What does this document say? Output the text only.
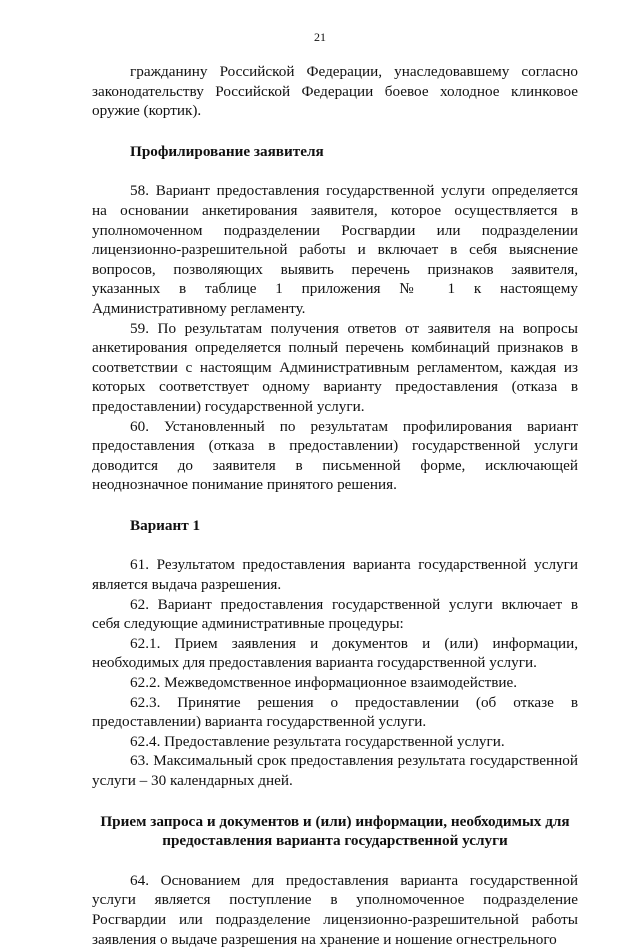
21

гражданину Российской Федерации, унаследовавшему согласно законодательству Российской Федерации боевое холодное клинковое оружие (кортик).

Профилирование заявителя

58. Вариант предоставления государственной услуги определяется на основании анкетирования заявителя, которое осуществляется в уполномоченном подразделении Росгвардии или подразделении лицензионно-разрешительной работы и включает в себя выяснение вопросов, позволяющих выявить перечень признаков заявителя, указанных в таблице 1 приложения № 1 к настоящему Административному регламенту.

59. По результатам получения ответов от заявителя на вопросы анкетирования определяется полный перечень комбинаций признаков в соответствии с настоящим Административным регламентом, каждая из которых соответствует одному варианту предоставления (отказа в предоставлении) государственной услуги.

60. Установленный по результатам профилирования вариант предоставления (отказа в предоставлении) государственной услуги доводится до заявителя в письменной форме, исключающей неоднозначное понимание принятого решения.

Вариант 1

61. Результатом предоставления варианта государственной услуги является выдача разрешения.

62. Вариант предоставления государственной услуги включает в себя следующие административные процедуры:

62.1. Прием заявления и документов и (или) информации, необходимых для предоставления варианта государственной услуги.

62.2. Межведомственное информационное взаимодействие.

62.3. Принятие решения о предоставлении (об отказе в предоставлении) варианта государственной услуги.

62.4. Предоставление результата государственной услуги.

63. Максимальный срок предоставления результата государственной услуги – 30 календарных дней.

Прием запроса и документов и (или) информации, необходимых для предоставления варианта государственной услуги

64. Основанием для предоставления варианта государственной услуги является поступление в уполномоченное подразделение Росгвардии или подразделение лицензионно-разрешительной работы заявления о выдаче разрешения на хранение и ношение огнестрельного
